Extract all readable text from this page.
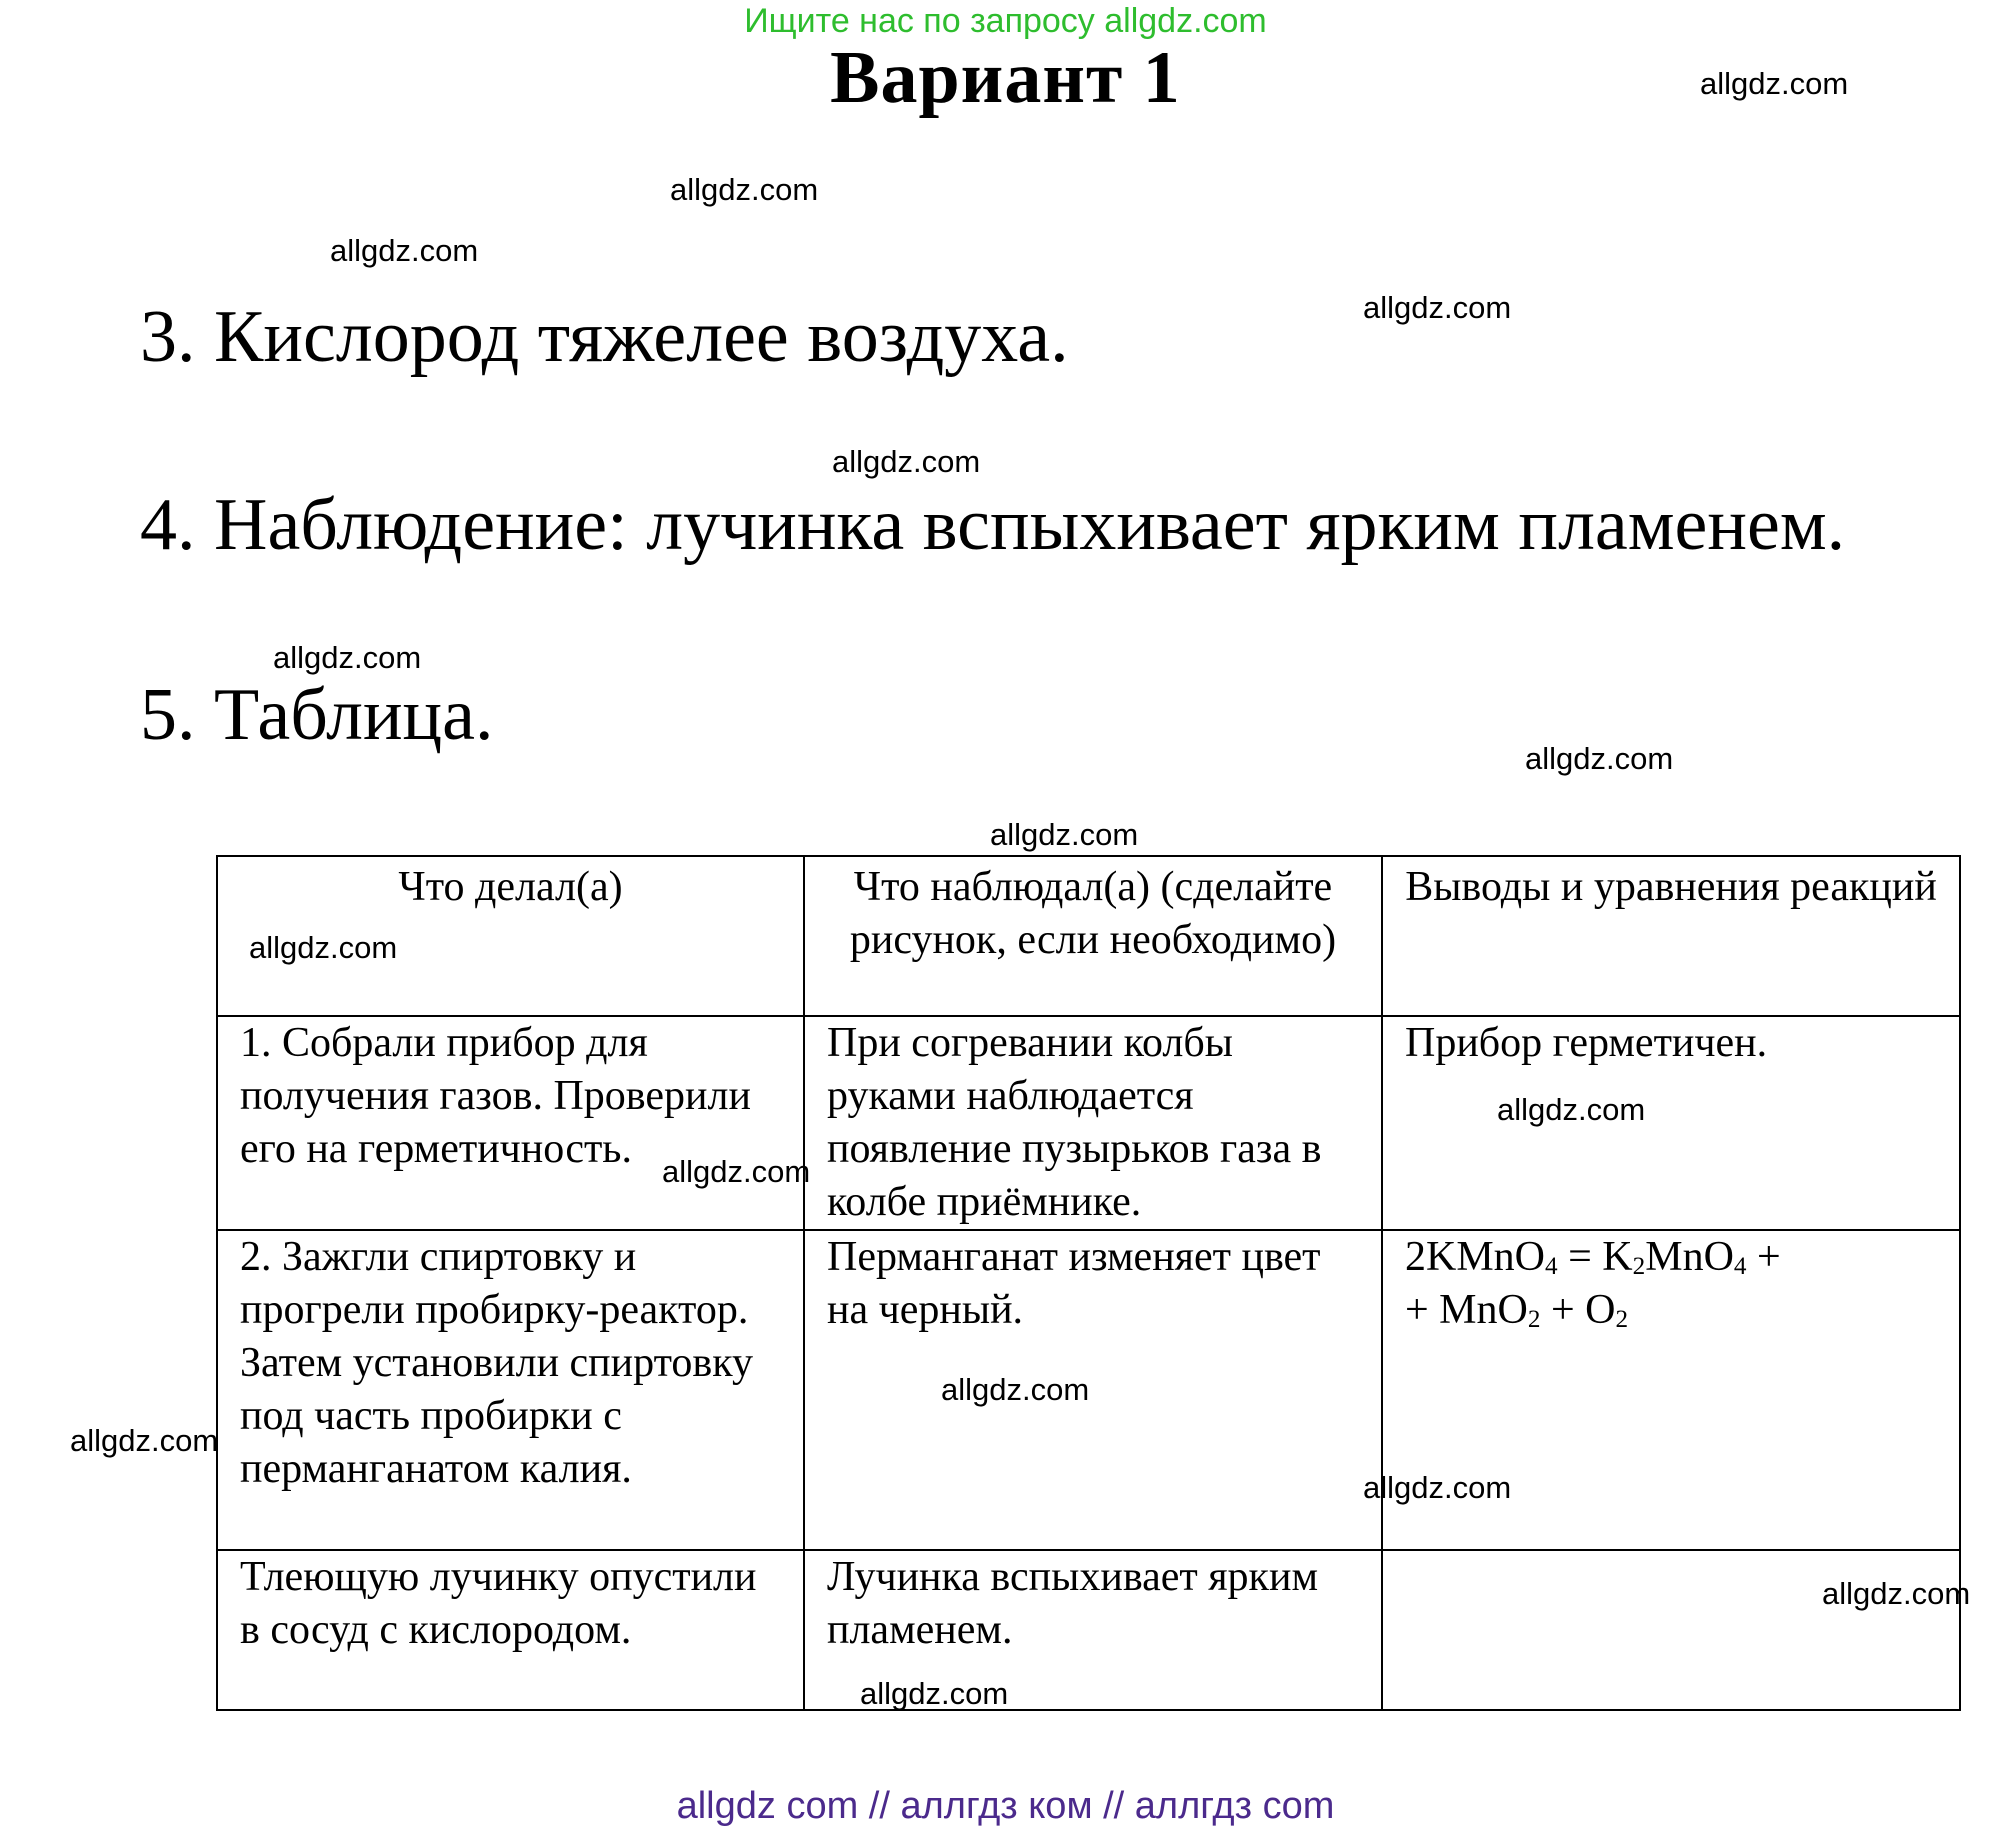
Ищите нас по запросу allgdz.com
Вариант 1
3. Кислород тяжелее воздуха.
4. Наблюдение: лучинка вспыхивает ярким пламенем.
5. Таблица.
Что делал(а)	Что наблюдал(а) (сделайте рисунок, если необходимо)	Выводы и уравнения реакций
1. Собрали прибор для получения газов. Проверили его на герметичность.	При согревании колбы руками наблюдается появление пузырьков газа в колбе приёмнике.	Прибор герметичен.
2. Зажгли спиртовку и прогрели пробирку-реактор. Затем установили спиртовку под часть пробирки с перманганатом калия.	Перманганат изменяет цвет на черный.	2KMnO$_4$ = $K_2MnO_4$ +
+ $MnO_2 + O_2$

Тлеющую лучинку опустили в сосуд с кислородом.	Лучинка вспыхивает ярким пламенем.	
allgdz.com
allgdz.com
allgdz.com
allgdz.com
allgdz.com
allgdz.com
allgdz.com
allgdz.com
allgdz.com
allgdz.com
allgdz.com
allgdz.com
allgdz.com
allgdz.com
allgdz.com
allgdz.com
allgdz com // аллгдз ком // аллгдз com
